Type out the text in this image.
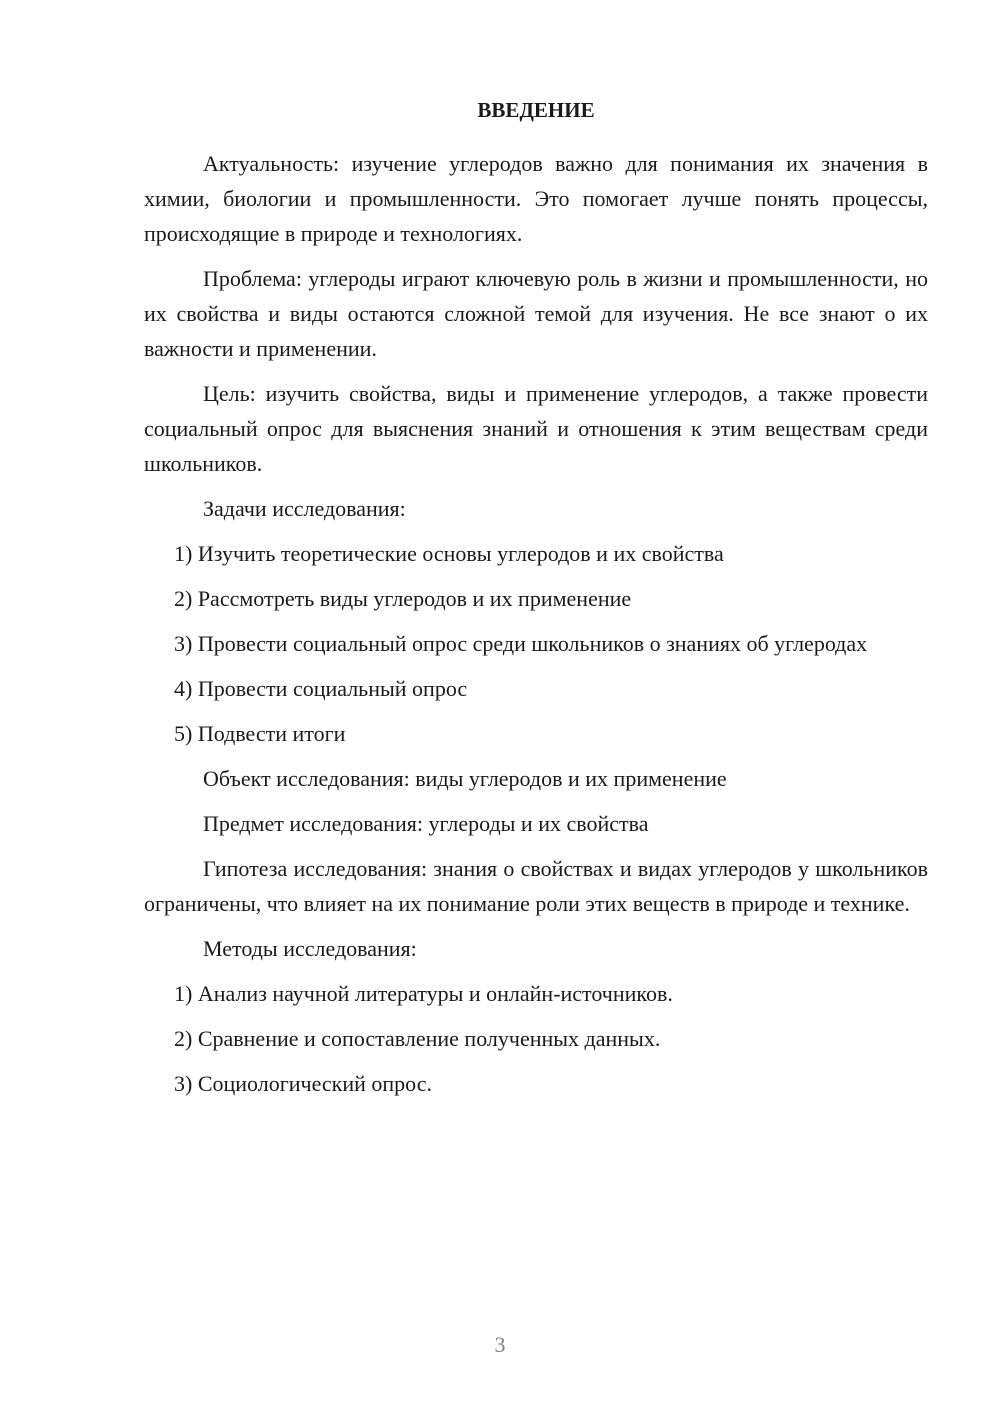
ВВЕДЕНИЕ

Актуальность: изучение углеродов важно для понимания их значения в химии, биологии и промышленности. Это помогает лучше понять процессы, происходящие в природе и технологиях.

Проблема: углероды играют ключевую роль в жизни и промышленности, но их свойства и виды остаются сложной темой для изучения. Не все знают о их важности и применении.

Цель: изучить свойства, виды и применение углеродов, а также провести социальный опрос для выяснения знаний и отношения к этим веществам среди школьников.

Задачи исследования:

1) Изучить теоретические основы углеродов и их свойства

2) Рассмотреть виды углеродов и их применение

3) Провести социальный опрос среди школьников о знаниях об углеродах

4) Провести социальный опрос

5) Подвести итоги

Объект исследования: виды углеродов и их применение

Предмет исследования: углероды и их свойства

Гипотеза исследования: знания о свойствах и видах углеродов у школьников ограничены, что влияет на их понимание роли этих веществ в природе и технике.

Методы исследования:

1) Анализ научной литературы и онлайн-источников.

2) Сравнение и сопоставление полученных данных.

3) Социологический опрос.

3
